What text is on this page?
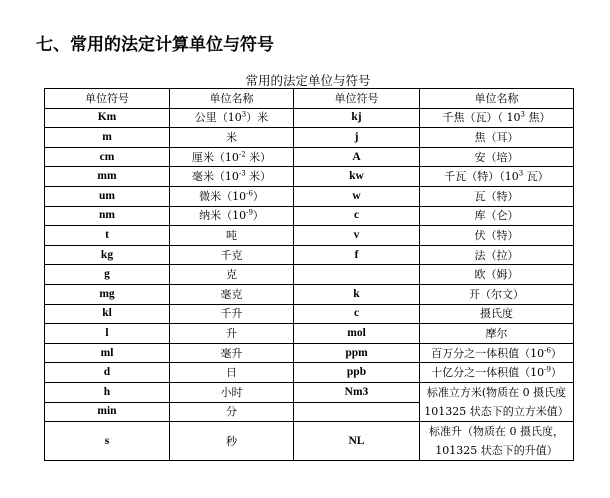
七、常用的法定计算单位与符号
常用的法定单位与符号
单位符号	单位名称	单位符号	单位名称
Km	公里$(10^3)$米	kj	千焦（瓦）（ $10^3$ 焦）
m	米	j	焦（耳）
cm	厘米（$10^{-2}$ 米）	A	安（培）
mm	毫米（$10^{-3}$ 米）	kw	千瓦（特）（$10^3$ 瓦）
um	微米$(10^{-6})$	w	瓦（特）
nm	纳米$(10^{-9})$	c	库（仑）
t	吨	v	伏（特）
kg	千克	f	法（拉）
g	克		欧（姆）
mg	毫克	k	开（尔文）
kl	千升	c	摄氏度
l	升	mol	摩尔
ml	毫升	ppm	百万分之一体积值$(10^{-6})$
d	日	ppb	十亿分之一体积值$(10^{-9})$
h	小时	Nm3	标准立方米(物质在 0 摄氏度 101325 状态下的立方米值）
min	分		
s	秒	NL	标准升（物质在 0 摄氏度，101325 状态下的升值）
